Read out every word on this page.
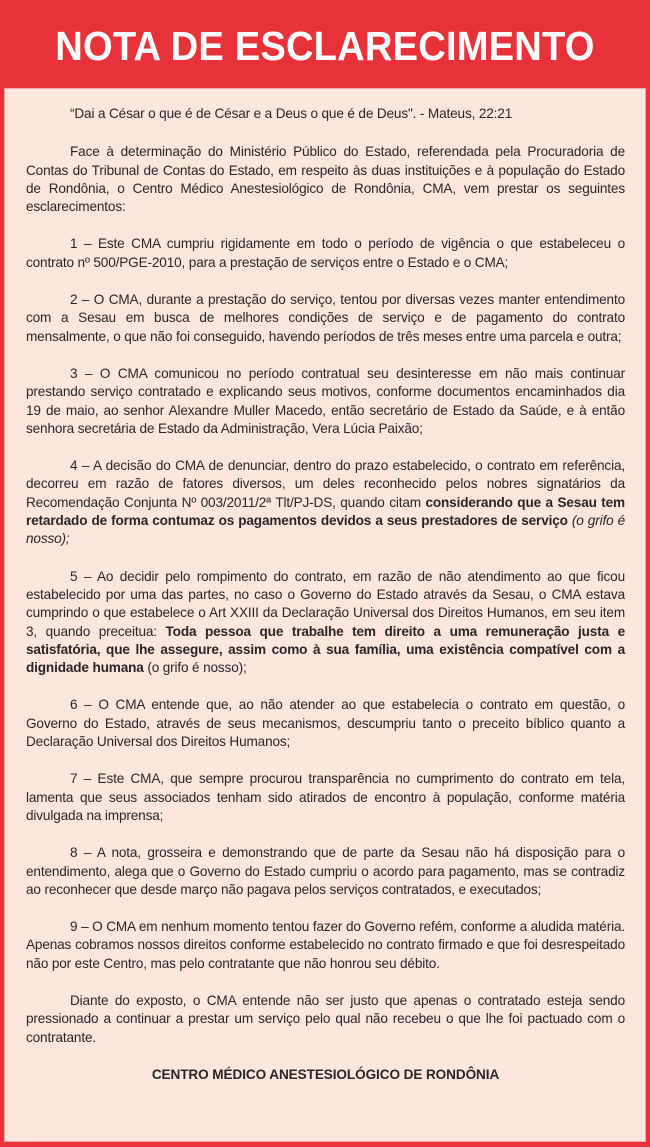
NOTA DE ESCLARECIMENTO

“Dai a César o que é de César e a Deus o que é de Deus". - Mateus, 22:21

Face à determinação do Ministério Público do Estado, referendada pela Procuradoria de Contas do Tribunal de Contas do Estado, em respeito às duas instituições e à população do Estado de Rondônia, o Centro Médico Anestesiológico de Rondônia, CMA, vem prestar os seguintes esclarecimentos:

1 – Este CMA cumpriu rigidamente em todo o período de vigência o que estabeleceu o contrato nº 500/PGE-2010, para a prestação de serviços entre o Estado e o CMA;

2 – O CMA, durante a prestação do serviço, tentou por diversas vezes manter entendimento com a Sesau em busca de melhores condições de serviço e de pagamento do contrato mensalmente, o que não foi conseguido, havendo períodos de três meses entre uma parcela e outra;

3 – O CMA comunicou no período contratual seu desinteresse em não mais continuar prestando serviço contratado e explicando seus motivos, conforme documentos encaminhados dia 19 de maio, ao senhor Alexandre Muller Macedo, então secretário de Estado da Saúde, e à então senhora secretária de Estado da Administração, Vera Lúcia Paixão;

4 – A decisão do CMA de denunciar, dentro do prazo estabelecido, o contrato em referência, decorreu em razão de fatores diversos, um deles reconhecido pelos nobres signatários da Recomendação Conjunta Nº 003/2011/2ª Tlt/PJ-DS, quando citam considerando que a Sesau tem retardado de forma contumaz os pagamentos devidos a seus prestadores de serviço (o grifo é nosso);

5 – Ao decidir pelo rompimento do contrato, em razão de não atendimento ao que ficou estabelecido por uma das partes, no caso o Governo do Estado através da Sesau, o CMA estava cumprindo o que estabelece o Art XXIII da Declaração Universal dos Direitos Humanos, em seu item 3, quando preceitua: Toda pessoa que trabalhe tem direito a uma remuneração justa e satisfatória, que lhe assegure, assim como à sua família, uma existência compatível com a dignidade humana (o grifo é nosso);

6 – O CMA entende que, ao não atender ao que estabelecia o contrato em questão, o Governo do Estado, através de seus mecanismos, descumpriu tanto o preceito bíblico quanto a Declaração Universal dos Direitos Humanos;

7 – Este CMA, que sempre procurou transparência no cumprimento do contrato em tela, lamenta que seus associados tenham sido atirados de encontro à população, conforme matéria divulgada na imprensa;

8 – A nota, grosseira e demonstrando que de parte da Sesau não há disposição para o entendimento, alega que o Governo do Estado cumpriu o acordo para pagamento, mas se contradiz ao reconhecer que desde março não pagava pelos serviços contratados, e executados;

9 – O CMA em nenhum momento tentou fazer do Governo refém, conforme a aludida matéria. Apenas cobramos nossos direitos conforme estabelecido no contrato firmado e que foi desrespeitado não por este Centro, mas pelo contratante que não honrou seu débito.

Diante do exposto, o CMA entende não ser justo que apenas o contratado esteja sendo pressionado a continuar a prestar um serviço pelo qual não recebeu o que lhe foi pactuado com o contratante.

CENTRO MÉDICO ANESTESIOLÓGICO DE RONDÔNIA
